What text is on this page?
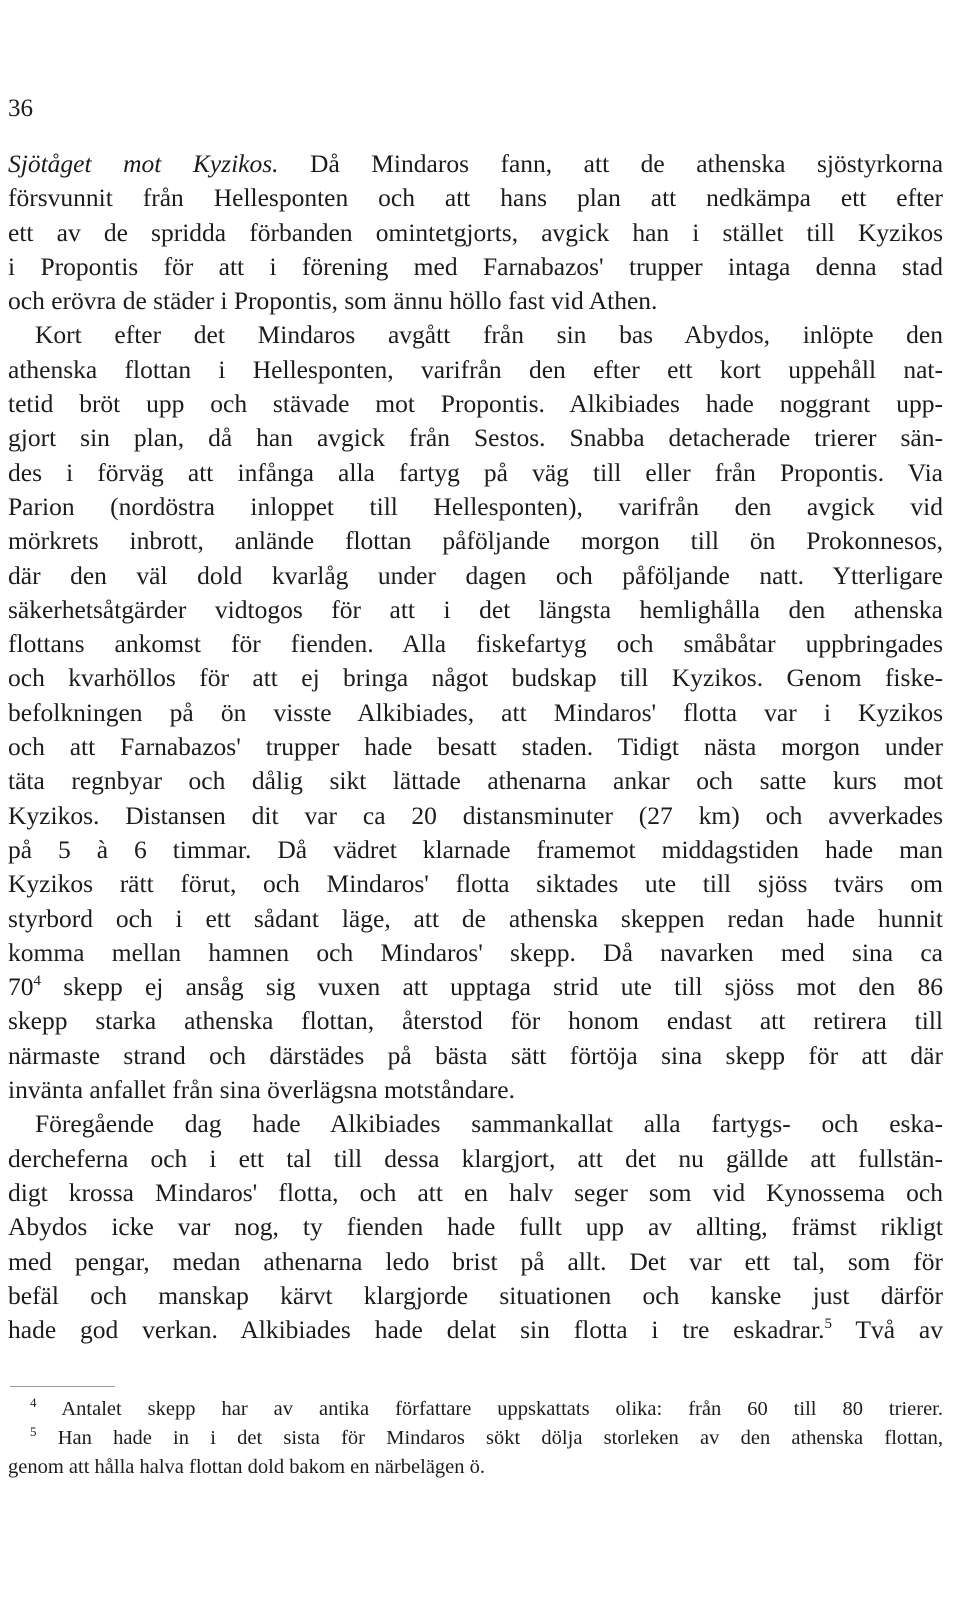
36
Sjötåget mot Kyzikos. Då Mindaros fann, att de athenska sjöstyrkorna
försvunnit från Hellesponten och att hans plan att nedkämpa ett efter
ett av de spridda förbanden omintetgjorts, avgick han i stället till Kyzikos
i Propontis för att i förening med Farnabazos' trupper intaga denna stad
och erövra de städer i Propontis, som ännu höllo fast vid Athen.
Kort efter det Mindaros avgått från sin bas Abydos, inlöpte den
athenska flottan i Hellesponten, varifrån den efter ett kort uppehåll nat-
tetid bröt upp och stävade mot Propontis. Alkibiades hade noggrant upp-
gjort sin plan, då han avgick från Sestos. Snabba detacherade trierer sän-
des i förväg att infånga alla fartyg på väg till eller från Propontis. Via
Parion (nordöstra inloppet till Hellesponten), varifrån den avgick vid
mörkrets inbrott, anlände flottan påföljande morgon till ön Prokonnesos,
där den väl dold kvarlåg under dagen och påföljande natt. Ytterligare
säkerhetsåtgärder vidtogos för att i det längsta hemlighålla den athenska
flottans ankomst för fienden. Alla fiskefartyg och småbåtar uppbringades
och kvarhöllos för att ej bringa något budskap till Kyzikos. Genom fiske-
befolkningen på ön visste Alkibiades, att Mindaros' flotta var i Kyzikos
och att Farnabazos' trupper hade besatt staden. Tidigt nästa morgon under
täta regnbyar och dålig sikt lättade athenarna ankar och satte kurs mot
Kyzikos. Distansen dit var ca 20 distansminuter (27 km) och avverkades
på 5 à 6 timmar. Då vädret klarnade framemot middagstiden hade man
Kyzikos rätt förut, och Mindaros' flotta siktades ute till sjöss tvärs om
styrbord och i ett sådant läge, att de athenska skeppen redan hade hunnit
komma mellan hamnen och Mindaros' skepp. Då navarken med sina ca
$70^4$ skepp ej ansåg sig vuxen att upptaga strid ute till sjöss mot den 86
skepp starka athenska flottan, återstod för honom endast att retirera till
närmaste strand och därstädes på bästa sätt förtöja sina skepp för att där
invänta anfallet från sina överlägsna motståndare.
Föregående dag hade Alkibiades sammankallat alla fartygs- och eska-
dercheferna och i ett tal till dessa klargjort, att det nu gällde att fullstän-
digt krossa Mindaros' flotta, och att en halv seger som vid Kynossema och
Abydos icke var nog, ty fienden hade fullt upp av allting, främst rikligt
med pengar, medan athenarna ledo brist på allt. Det var ett tal, som för
befäl och manskap kärvt klargjorde situationen och kanske just därför
hade god verkan. Alkibiades hade delat sin flotta i tre eskadrar.$^5$ Två av
$^4$ Antalet skepp har av antika författare uppskattats olika: från 60 till 80 trierer.
$^5$ Han hade in i det sista för Mindaros sökt dölja storleken av den athenska flottan,
genom att hålla halva flottan dold bakom en närbelägen ö.
